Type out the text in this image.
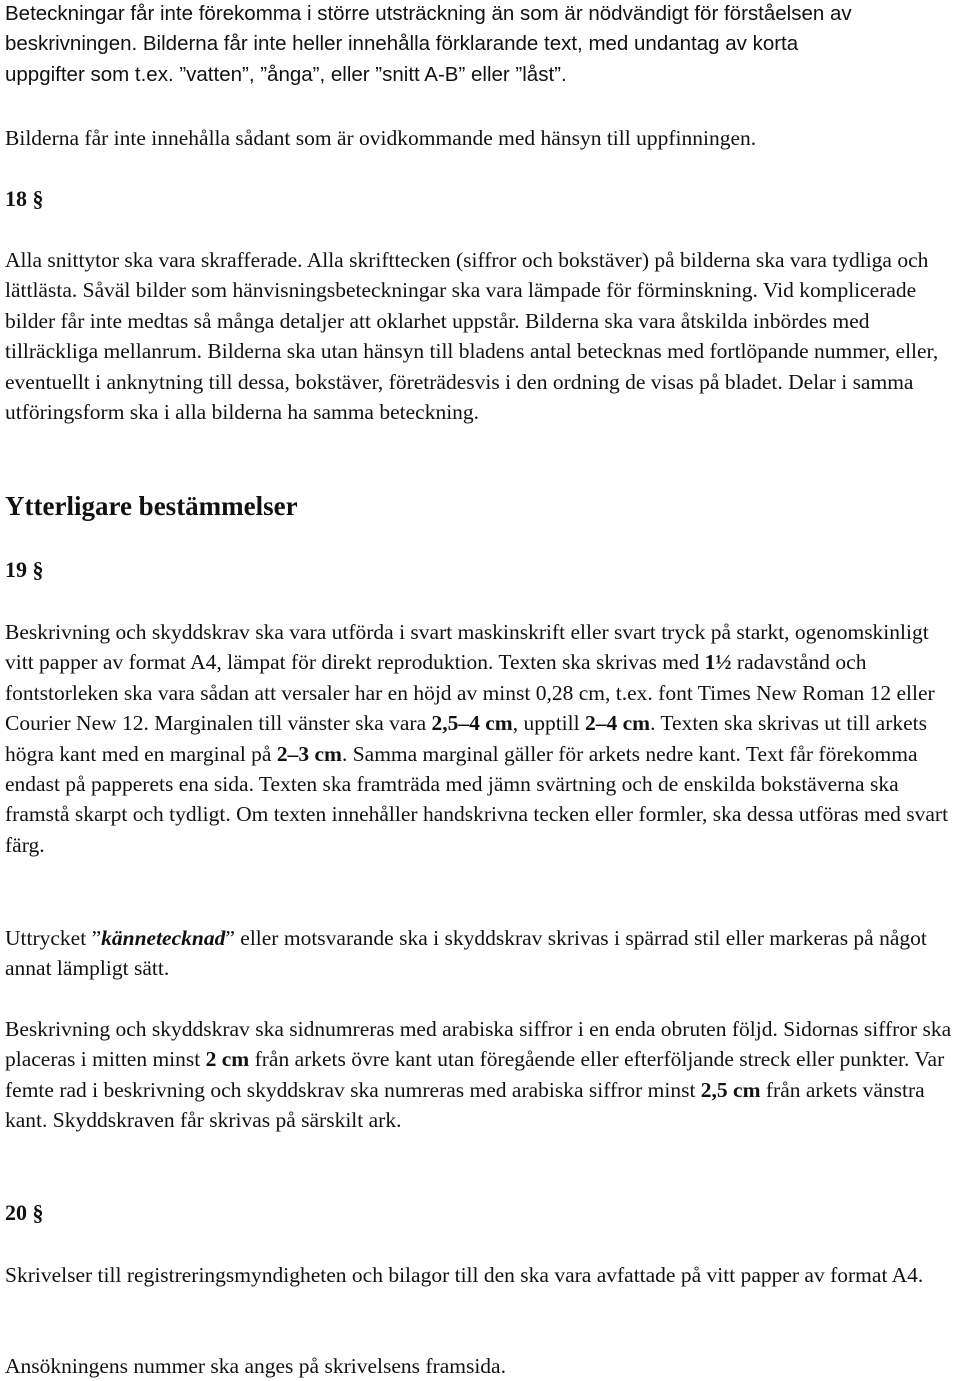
Beteckningar får inte förekomma i större utsträckning än som är nödvändigt för förståelsen av beskrivningen. Bilderna får inte heller innehålla förklarande text, med undantag av korta uppgifter som t.ex. ”vatten”, ”ånga”, eller ”snitt A-B” eller ”låst”.

Bilderna får inte innehålla sådant som är ovidkommande med hänsyn till uppfinningen.

18 §

Alla snittytor ska vara skrafferade. Alla skrifttecken (siffror och bokstäver) på bilderna ska vara tydliga och lättlästa. Såväl bilder som hänvisningsbeteckningar ska vara lämpade för förminskning. Vid komplicerade bilder får inte medtas så många detaljer att oklarhet uppstår. Bilderna ska vara åtskilda inbördes med tillräckliga mellanrum. Bilderna ska utan hänsyn till bladens antal betecknas med fortlöpande nummer, eller, eventuellt i anknytning till dessa, bokstäver, företrädesvis i den ordning de visas på bladet. Delar i samma utföringsform ska i alla bilderna ha samma beteckning.

Ytterligare bestämmelser
19 §

Beskrivning och skyddskrav ska vara utförda i svart maskinskrift eller svart tryck på starkt, ogenomskinligt vitt papper av format A4, lämpat för direkt reproduktion. Texten ska skrivas med 1½ radavstånd och fontstorleken ska vara sådan att versaler har en höjd av minst 0,28 cm, t.ex. font Times New Roman 12 eller Courier New 12. Marginalen till vänster ska vara 2,5–4 cm, upptill 2–4 cm. Texten ska skrivas ut till arkets högra kant med en marginal på 2–3 cm. Samma marginal gäller för arkets nedre kant. Text får förekomma endast på papperets ena sida. Texten ska framträda med jämn svärtning och de enskilda bokstäverna ska framstå skarpt och tydligt. Om texten innehåller handskrivna tecken eller formler, ska dessa utföras med svart färg.

Uttrycket ”kännetecknad” eller motsvarande ska i skyddskrav skrivas i spärrad stil eller markeras på något annat lämpligt sätt.

Beskrivning och skyddskrav ska sidnumreras med arabiska siffror i en enda obruten följd. Sidornas siffror ska placeras i mitten minst 2 cm från arkets övre kant utan föregående eller efterföljande streck eller punkter. Var femte rad i beskrivning och skyddskrav ska numreras med arabiska siffror minst 2,5 cm från arkets vänstra kant. Skyddskraven får skrivas på särskilt ark.

20 §

Skrivelser till registreringsmyndigheten och bilagor till den ska vara avfattade på vitt papper av format A4.

Ansökningens nummer ska anges på skrivelsens framsida.
